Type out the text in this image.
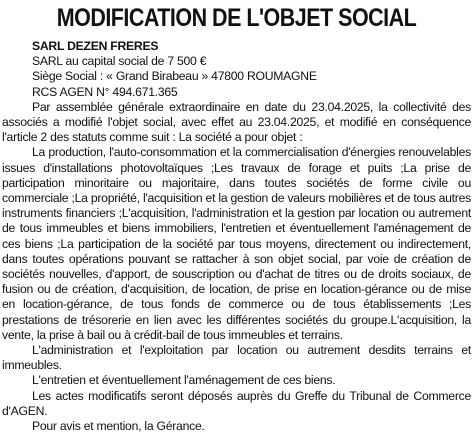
MODIFICATION DE L'OBJET SOCIAL
SARL DEZEN FRERES
SARL au capital social de 7 500 €
Siège Social : « Grand Birabeau » 47800 ROUMAGNE
RCS AGEN N° 494.671.365
Par assemblée générale extraordinaire en date du 23.04.2025, la collectivité des associés a modifié l'objet social, avec effet au 23.04.2025, et modifié en conséquence l'article 2 des statuts comme suit : La société a pour objet :
La production, l'auto-consommation et la commercialisation d'énergies renouvelables issues d'installations photovoltaïques ;Les travaux de forage et puits ;La prise de participation minoritaire ou majoritaire, dans toutes sociétés de forme civile ou commerciale ;La propriété, l'acquisition et la gestion de valeurs mobilières et de tous autres instruments financiers ;L'acquisition, l'administration et la gestion par location ou autrement de tous immeubles et biens immobiliers, l'entretien et éventuellement l'aménagement de ces biens ;La participation de la société par tous moyens, directement ou indirectement, dans toutes opérations pouvant se rattacher à son objet social, par voie de création de sociétés nouvelles, d'apport, de souscription ou d'achat de titres ou de droits sociaux, de fusion ou de création, d'acquisition, de location, de prise en location-gérance ou de mise en location-gérance, de tous fonds de commerce ou de tous établissements ;Les prestations de trésorerie en lien avec les différentes sociétés du groupe.L'acquisition, la vente, la prise à bail ou à crédit-bail de tous immeubles et terrains.
L'administration et l'exploitation par location ou autrement desdits terrains et immeubles.
L'entretien et éventuellement l'aménagement de ces biens.
Les actes modificatifs seront déposés auprès du Greffe du Tribunal de Commerce d'AGEN.
Pour avis et mention, la Gérance.
